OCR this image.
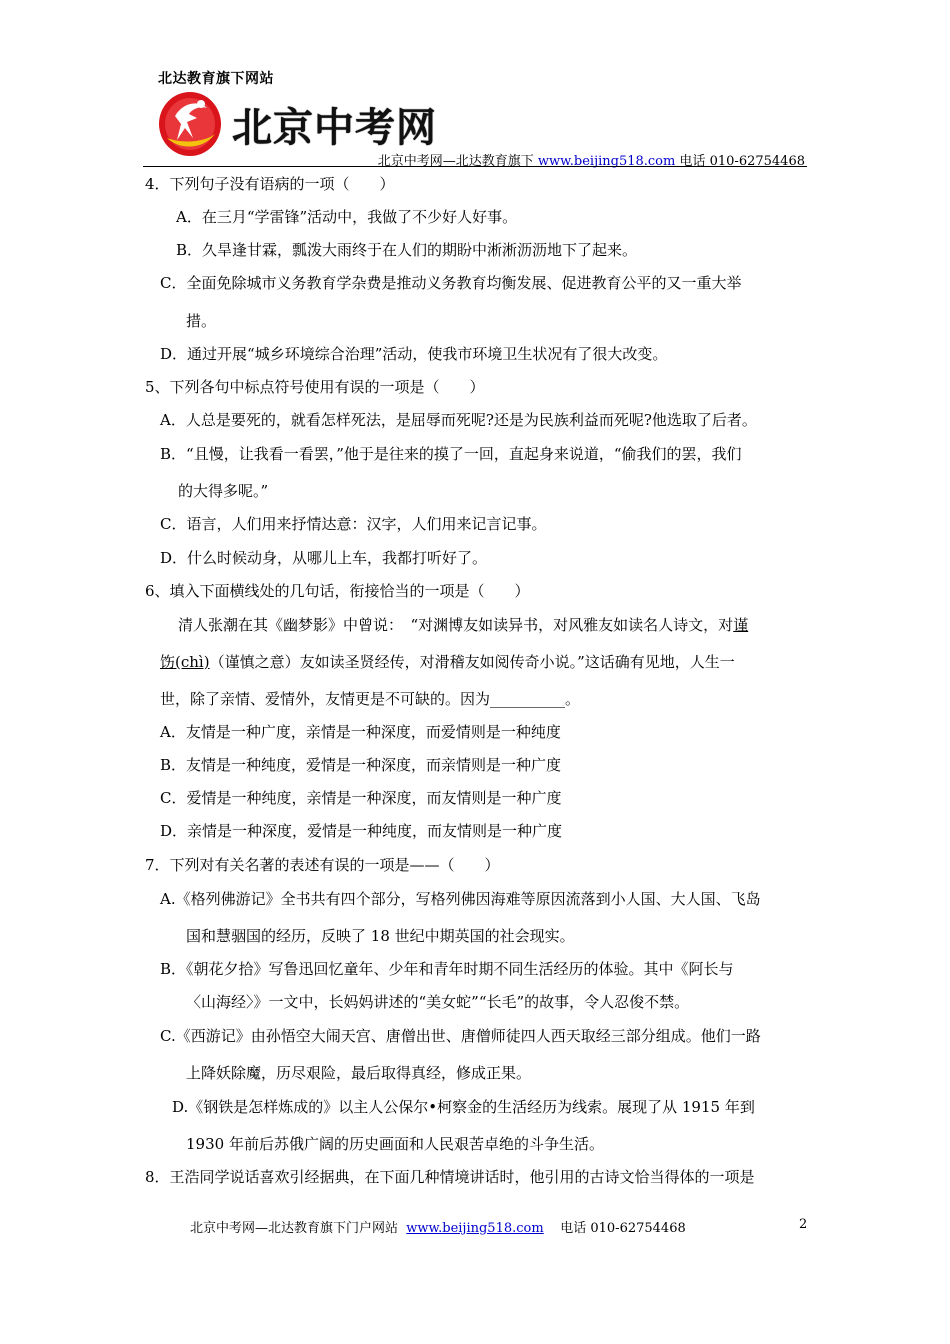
北达教育旗下网站
北京中考网
北京中考网—北达教育旗下 www.beijing518.com 电话 010-62754468
4．下列句子没有语病的一项（　　）
A．在三月“学雷锋”活动中，我做了不少好人好事。
B．久旱逢甘霖，瓢泼大雨终于在人们的期盼中淅淅沥沥地下了起来。
C．全面免除城市义务教育学杂费是推动义务教育均衡发展、促进教育公平的又一重大举
措。
D．通过开展“城乡环境综合治理”活动，使我市环境卫生状况有了很大改变。
5、下列各句中标点符号使用有误的一项是（　　）
A．人总是要死的，就看怎样死法，是屈辱而死呢?还是为民族利益而死呢?他选取了后者。
B．“且慢，让我看一看罢，”他于是往来的摸了一回，直起身来说道，“偷我们的罢，我们
的大得多呢。”
C．语言，人们用来抒情达意：汉字，人们用来记言记事。
D．什么时候动身，从哪儿上车，我都打听好了。
6、填入下面横线处的几句话，衔接恰当的一项是（　　）
清人张潮在其《幽梦影》中曾说：　“对渊博友如读异书，对风雅友如读名人诗文，对谨
饬(chì)（谨慎之意）友如读圣贤经传，对滑稽友如阅传奇小说。”这话确有见地，人生一
世，除了亲情、爱情外，友情更是不可缺的。因为__________。
A．友情是一种广度，亲情是一种深度，而爱情则是一种纯度
B．友情是一种纯度，爱情是一种深度，而亲情则是一种广度
C．爱情是一种纯度，亲情是一种深度，而友情则是一种广度
D．亲情是一种深度，爱情是一种纯度，而友情则是一种广度
7．下列对有关名著的表述有误的一项是——（　　）
A.《格列佛游记》全书共有四个部分，写格列佛因海难等原因流落到小人国、大人国、飞岛
国和慧骃国的经历，反映了 18 世纪中期英国的社会现实。
B．《朝花夕拾》写鲁迅回忆童年、少年和青年时期不同生活经历的体验。其中《阿长与
〈山海经〉》一文中，长妈妈讲述的“美女蛇”“长毛”的故事，令人忍俊不禁。
C.《西游记》由孙悟空大闹天宫、唐僧出世、唐僧师徒四人西天取经三部分组成。他们一路
上降妖除魔，历尽艰险，最后取得真经，修成正果。
D.《钢铁是怎样炼成的》以主人公保尔•柯察金的生活经历为线索。展现了从 1915 年到
1930 年前后苏俄广阔的历史画面和人民艰苦卓绝的斗争生活。
8．王浩同学说话喜欢引经据典，在下面几种情境讲话时，他引用的古诗文恰当得体的一项是
北京中考网—北达教育旗下门户网站 www.beijing518.com 电话 010-62754468	2
